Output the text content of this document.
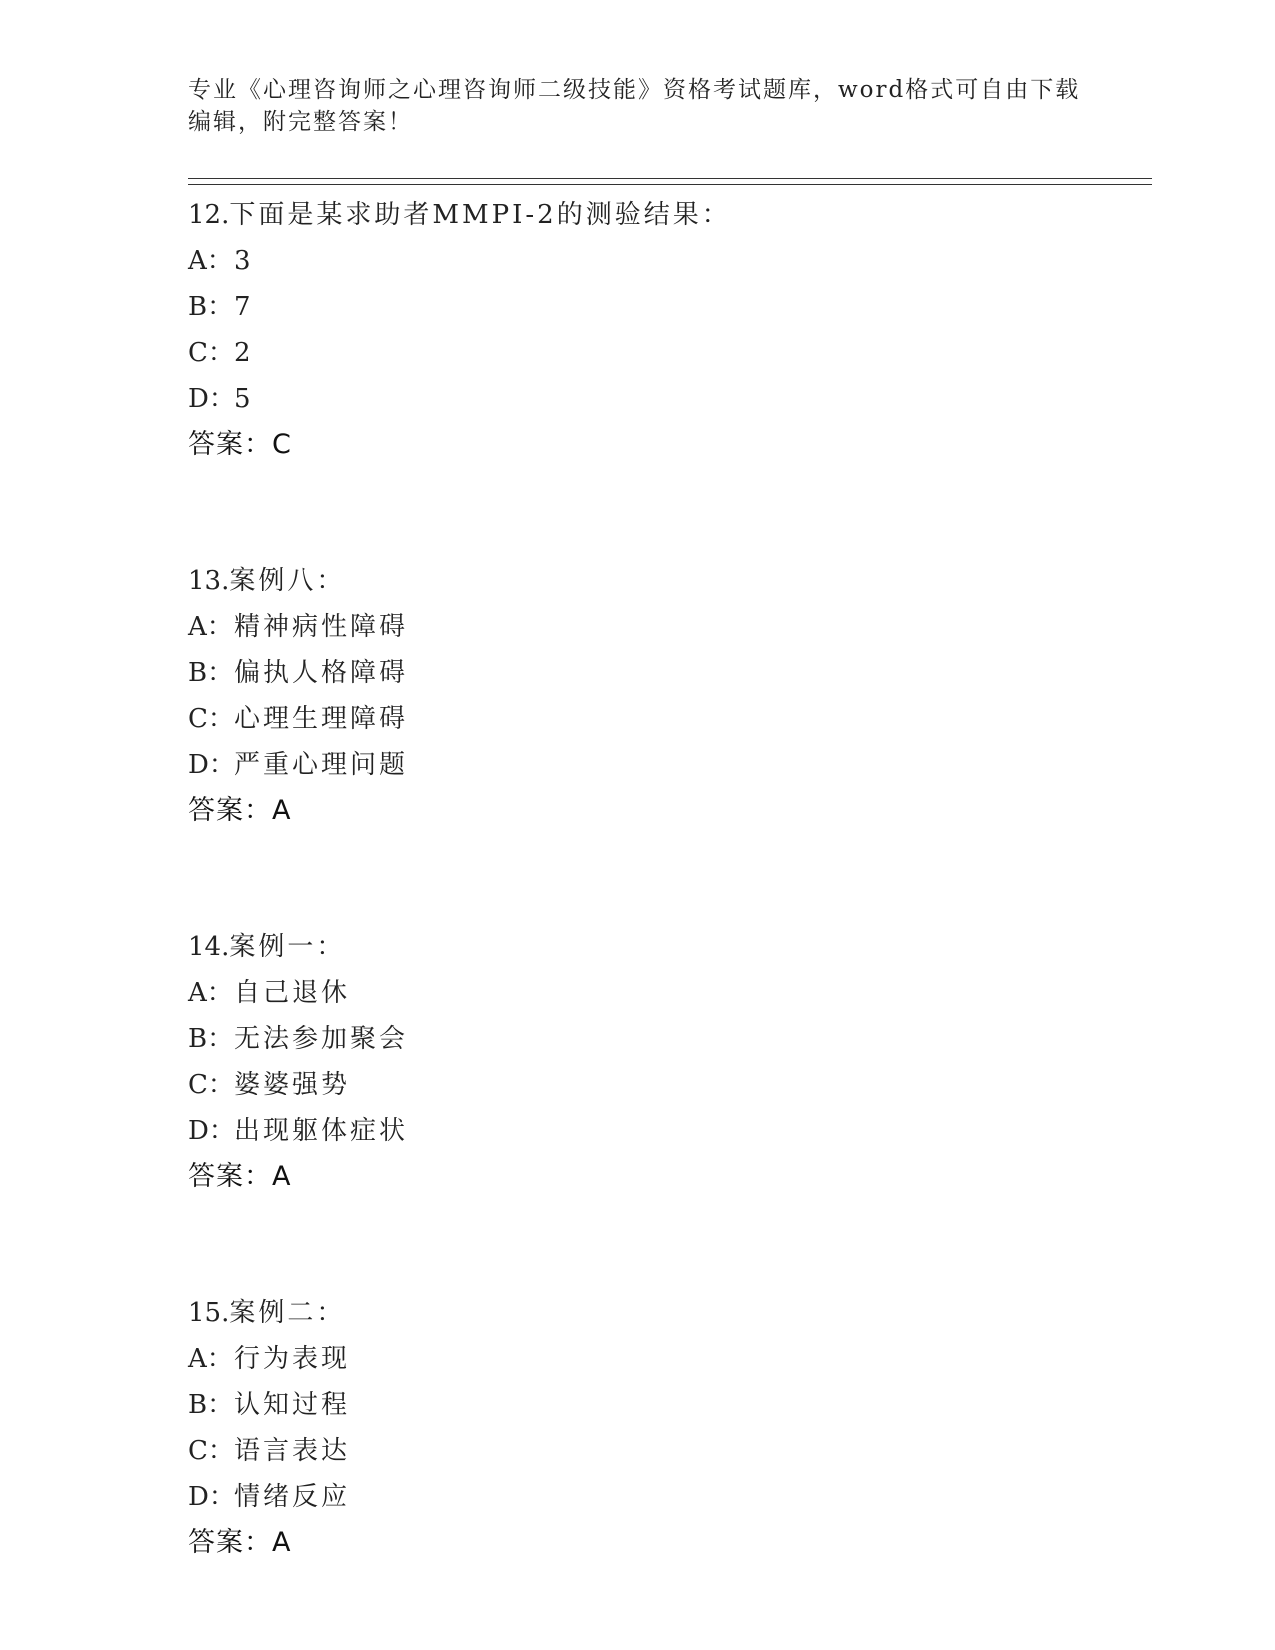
专业《心理咨询师之心理咨询师二级技能》资格考试题库，word格式可自由下载
编辑，附完整答案！
12.下面是某求助者MMPI-2的测验结果：
A：3
B：7
C：2
D：5
答案：C
13.案例八：
A：精神病性障碍
B：偏执人格障碍
C：心理生理障碍
D：严重心理问题
答案：A
14.案例一：
A：自己退休
B：无法参加聚会
C：婆婆强势
D：出现躯体症状
答案：A
15.案例二：
A：行为表现
B：认知过程
C：语言表达
D：情绪反应
答案：A
